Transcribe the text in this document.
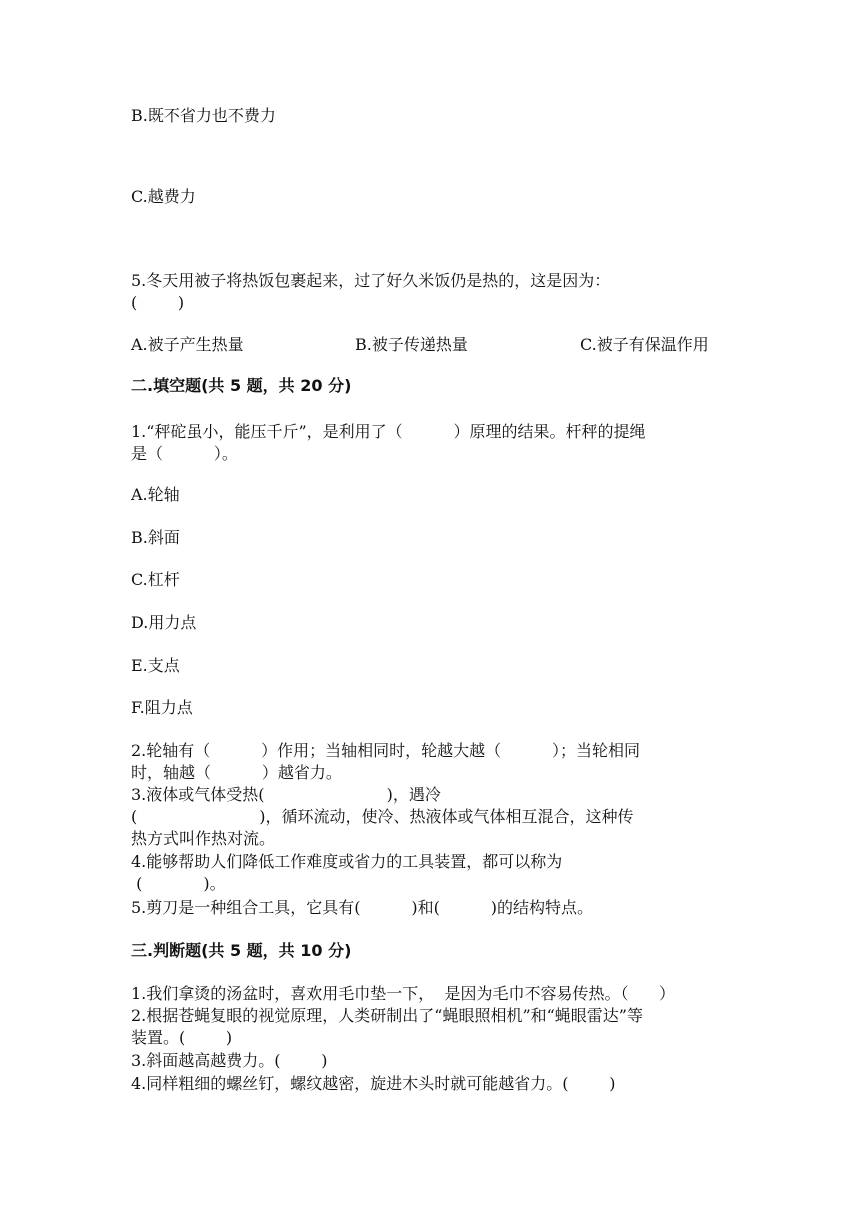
B.既不省力也不费力
C.越费力
5.冬天用被子将热饭包裹起来，过了好久米饭仍是热的，这是因为：
(        )
A.被子产生热量	B.被子传递热量	C.被子有保温作用
二.填空题(共 5 题，共 20 分)
1.“秤砣虽小，能压千斤”，是利用了（          ）原理的结果。杆秤的提绳
是（          ）。
A.轮轴
B.斜面
C.杠杆
D.用力点
E.支点
F.阻力点
2.轮轴有（          ）作用；当轴相同时，轮越大越（          ）；当轮相同
时，轴越（          ）越省力。
3.液体或气体受热(                        )，遇冷
(                        )，循环流动，使冷、热液体或气体相互混合，这种传
热方式叫作热对流。
4.能够帮助人们降低工作难度或省力的工具装置，都可以称为
(            )。
5.剪刀是一种组合工具，它具有(          )和(          )的结构特点。
三.判断题(共 5 题，共 10 分)
1.我们拿烫的汤盆时，喜欢用毛巾垫一下，  是因为毛巾不容易传热。（      ）
2.根据苍蝇复眼的视觉原理，人类研制出了“蝇眼照相机”和“蝇眼雷达”等
装置。(        )
3.斜面越高越费力。(        )
4.同样粗细的螺丝钉，螺纹越密，旋进木头时就可能越省力。(        )
